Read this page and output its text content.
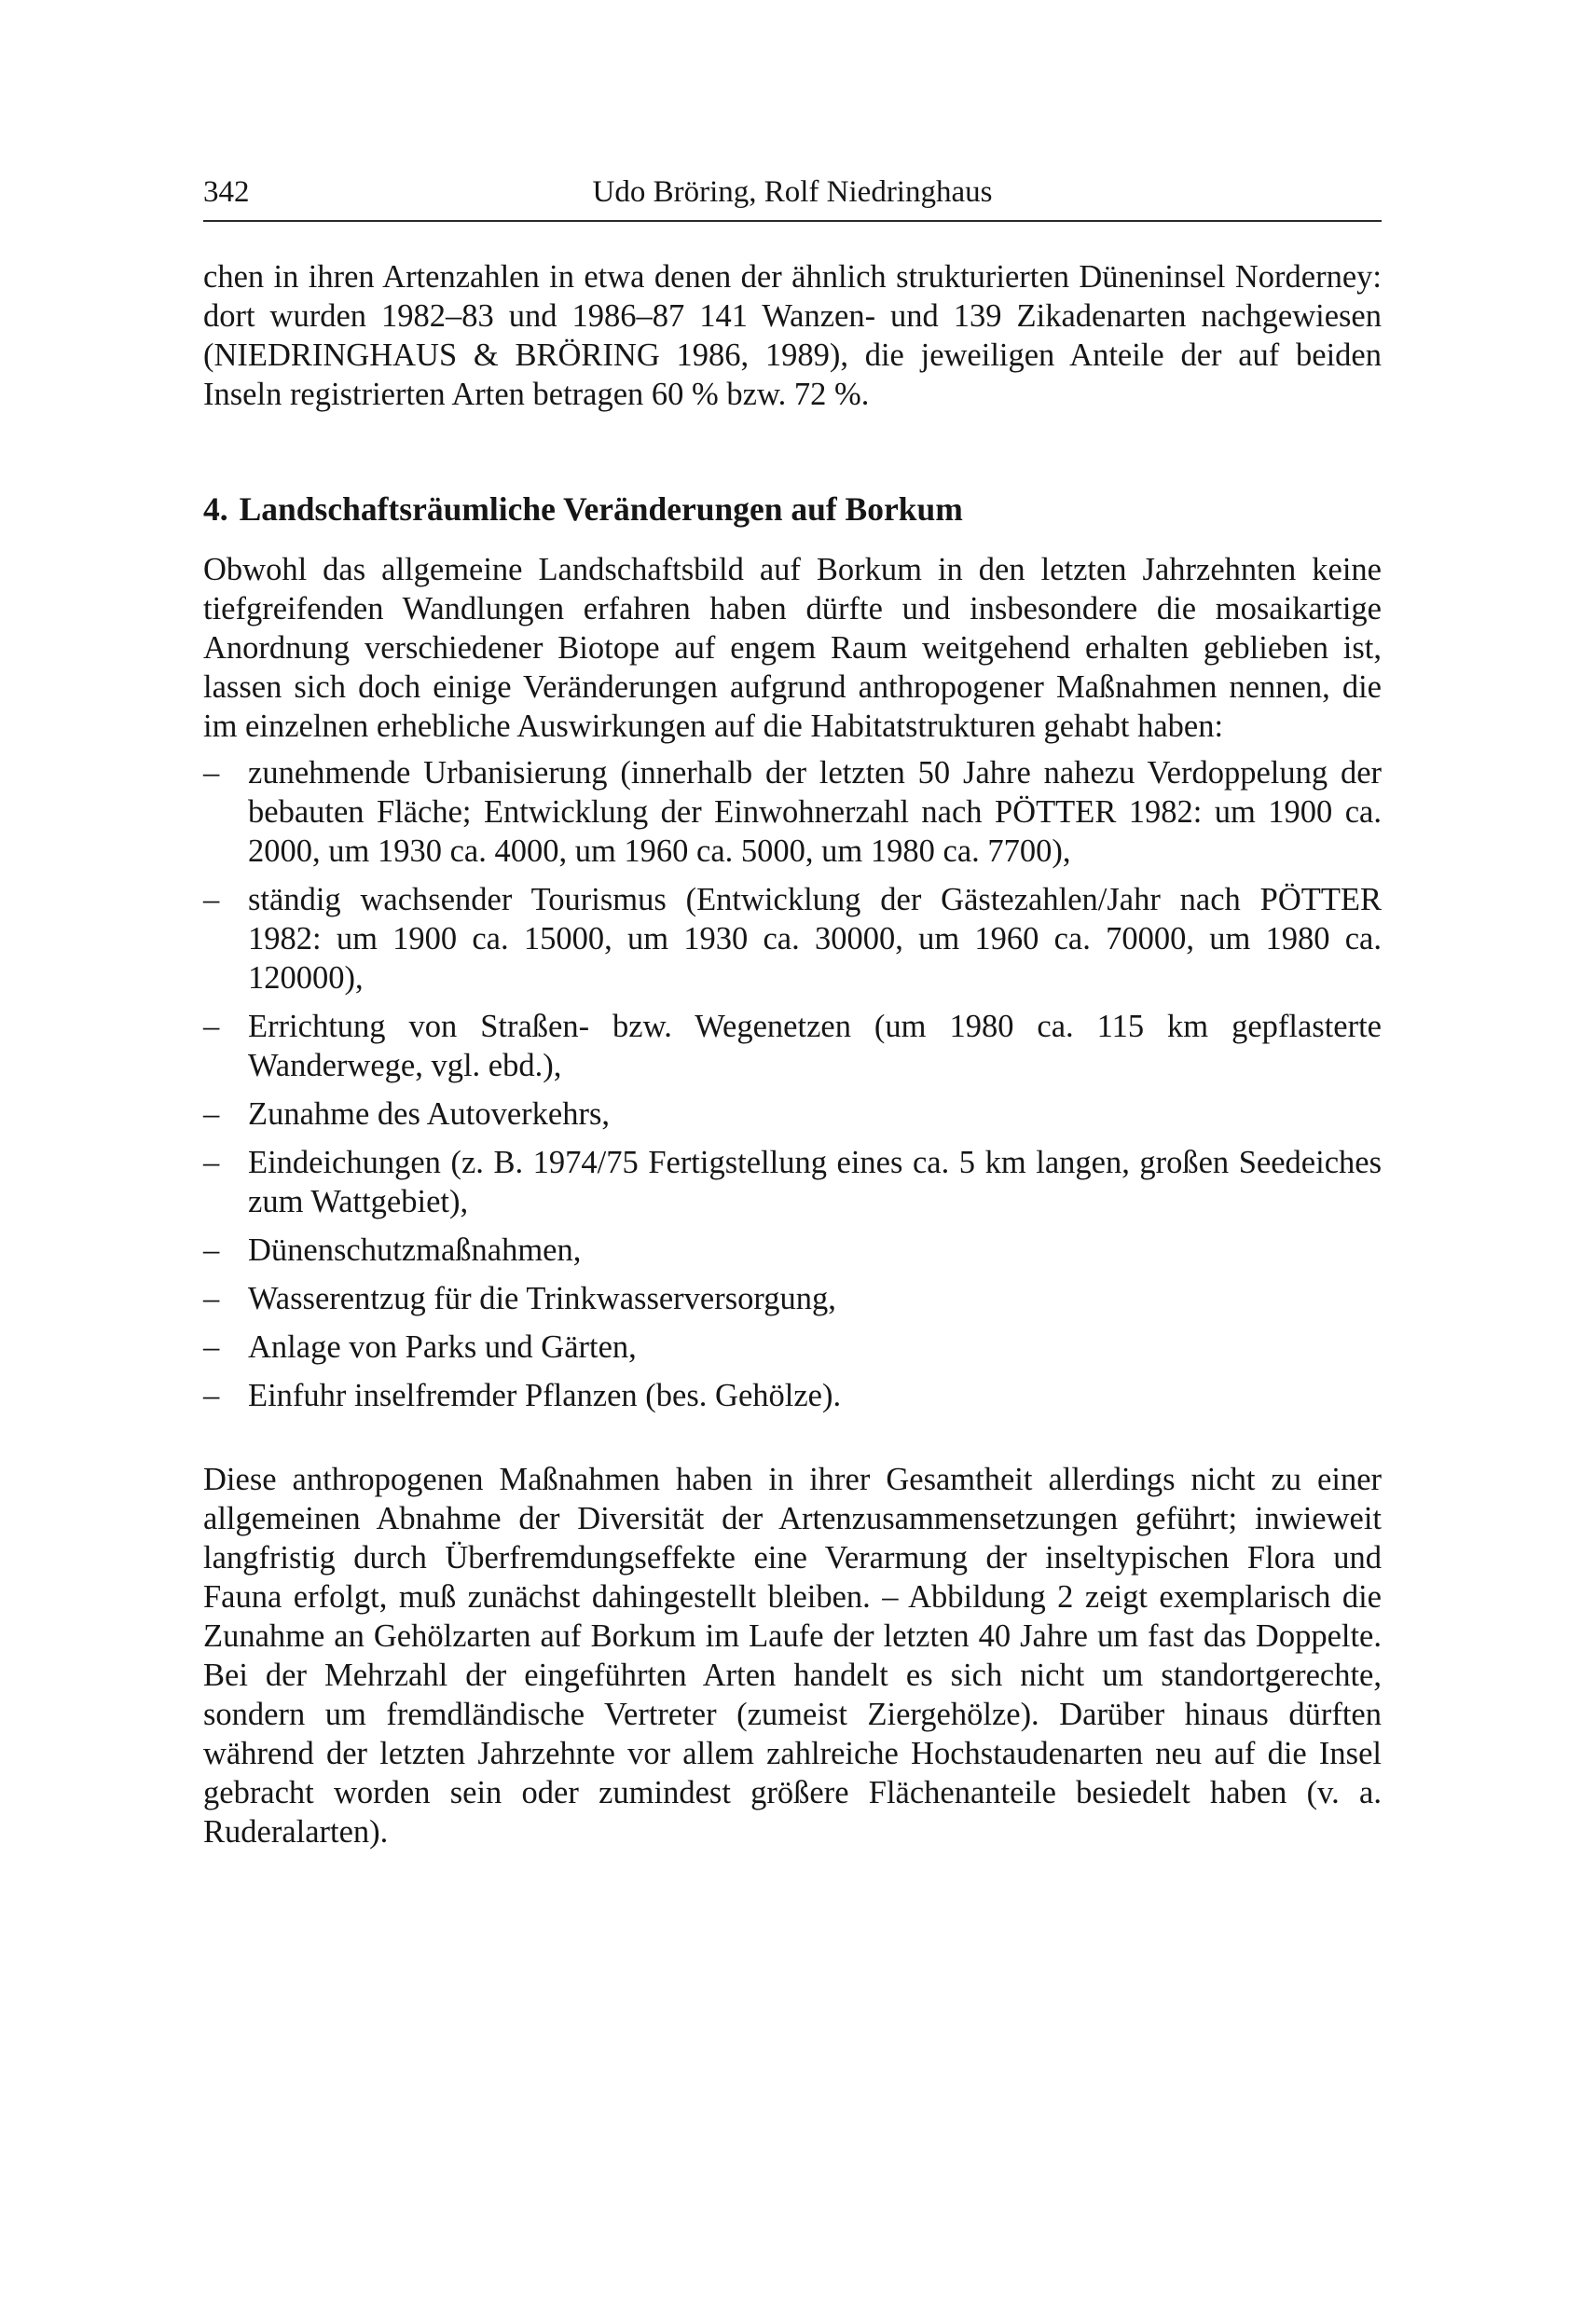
342	Udo Bröring, Rolf Niedringhaus

chen in ihren Artenzahlen in etwa denen der ähnlich strukturierten Düneninsel Norderney: dort wurden 1982–83 und 1986–87 141 Wanzen- und 139 Zikadenarten nachgewiesen (NIEDRINGHAUS & BRÖRING 1986, 1989), die jeweiligen Anteile der auf beiden Inseln registrierten Arten betragen 60 % bzw. 72 %.

4. Landschaftsräumliche Veränderungen auf Borkum

Obwohl das allgemeine Landschaftsbild auf Borkum in den letzten Jahrzehnten keine tiefgreifenden Wandlungen erfahren haben dürfte und insbesondere die mosaikartige Anordnung verschiedener Biotope auf engem Raum weitgehend erhalten geblieben ist, lassen sich doch einige Veränderungen aufgrund anthropogener Maßnahmen nennen, die im einzelnen erhebliche Auswirkungen auf die Habitatstrukturen gehabt haben:

– zunehmende Urbanisierung (innerhalb der letzten 50 Jahre nahezu Verdoppelung der bebauten Fläche; Entwicklung der Einwohnerzahl nach PÖTTER 1982: um 1900 ca. 2000, um 1930 ca. 4000, um 1960 ca. 5000, um 1980 ca. 7700),
– ständig wachsender Tourismus (Entwicklung der Gästezahlen/Jahr nach PÖTTER 1982: um 1900 ca. 15000, um 1930 ca. 30000, um 1960 ca. 70000, um 1980 ca. 120000),
– Errichtung von Straßen- bzw. Wegenetzen (um 1980 ca. 115 km gepflasterte Wanderwege, vgl. ebd.),
– Zunahme des Autoverkehrs,
– Eindeichungen (z. B. 1974/75 Fertigstellung eines ca. 5 km langen, großen Seedeiches zum Wattgebiet),
– Dünenschutzmaßnahmen,
– Wasserentzug für die Trinkwasserversorgung,
– Anlage von Parks und Gärten,
– Einfuhr inselfremder Pflanzen (bes. Gehölze).

Diese anthropogenen Maßnahmen haben in ihrer Gesamtheit allerdings nicht zu einer allgemeinen Abnahme der Diversität der Artenzusammensetzungen geführt; inwieweit langfristig durch Überfremdungseffekte eine Verarmung der inseltypischen Flora und Fauna erfolgt, muß zunächst dahingestellt bleiben. – Abbildung 2 zeigt exemplarisch die Zunahme an Gehölzarten auf Borkum im Laufe der letzten 40 Jahre um fast das Doppelte. Bei der Mehrzahl der eingeführten Arten handelt es sich nicht um standortgerechte, sondern um fremdländische Vertreter (zumeist Ziergehölze). Darüber hinaus dürften während der letzten Jahrzehnte vor allem zahlreiche Hochstaudenarten neu auf die Insel gebracht worden sein oder zumindest größere Flächenanteile besiedelt haben (v. a. Ruderalarten).
